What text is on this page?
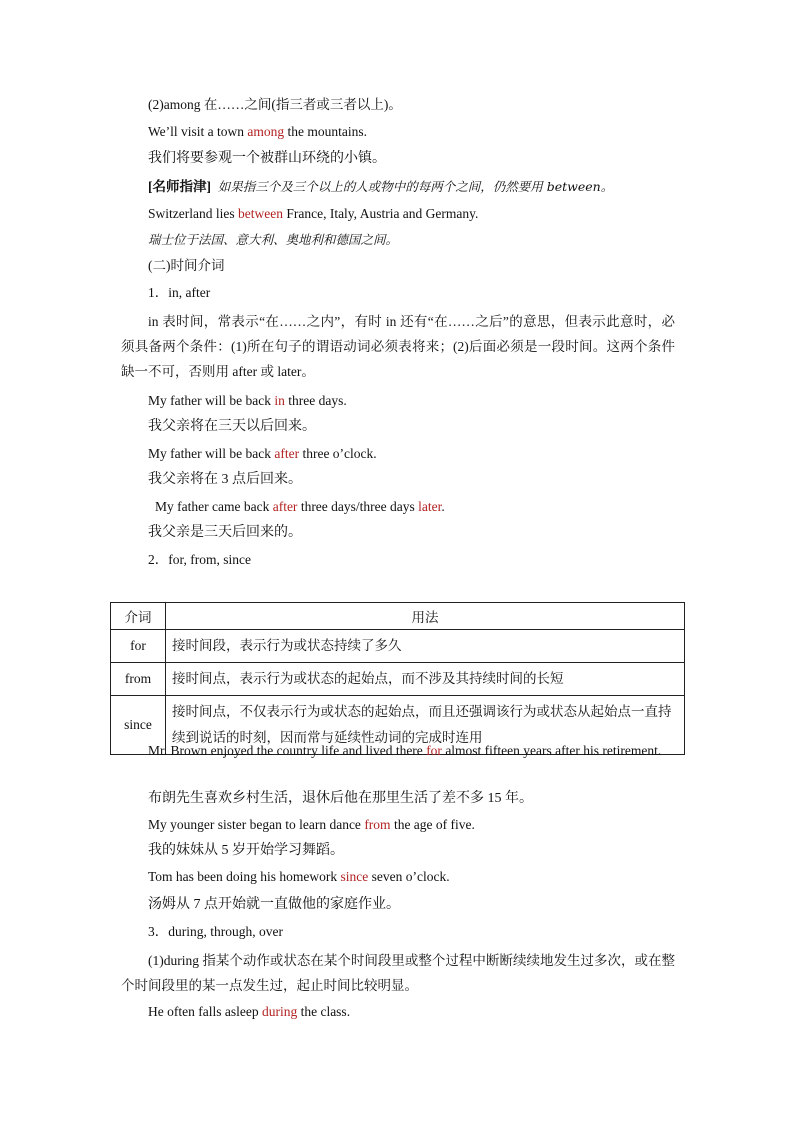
(2)among 在……之间(指三者或三者以上)。
We’ll visit a town among the mountains.
我们将要参观一个被群山环绕的小镇。
[名师指津] 如果指三个及三个以上的人或物中的每两个之间，仍然要用 between。
Switzerland lies between France, Italy, Austria and Germany.
瑞士位于法国、意大利、奥地利和德国之间。
(二)时间介词
1．in, after
in 表时间，常表示“在……之内”，有时 in 还有“在……之后”的意思，但表示此意时，必须具备两个条件：(1)所在句子的谓语动词必须表将来；(2)后面必须是一段时间。这两个条件缺一不可，否则用 after 或 later。
My father will be back in three days.
我父亲将在三天以后回来。
My father will be back after three o’clock.
我父亲将在 3 点后回来。
My father came back after three days/three days later.
我父亲是三天后回来的。
2．for, from, since
介词	用法
for	接时间段，表示行为或状态持续了多久
from	接时间点，表示行为或状态的起始点，而不涉及其持续时间的长短
since	接时间点，不仅表示行为或状态的起始点，而且还强调该行为或状态从起始点一直持续到说话的时刻，因而常与延续性动词的完成时连用
Mr. Brown enjoyed the country life and lived there for almost fifteen years after his retirement.
布朗先生喜欢乡村生活，退休后他在那里生活了差不多 15 年。
My younger sister began to learn dance from the age of five.
我的妹妹从 5 岁开始学习舞蹈。
Tom has been doing his homework since seven o’clock.
汤姆从 7 点开始就一直做他的家庭作业。
3．during, through, over
(1)during 指某个动作或状态在某个时间段里或整个过程中断断续续地发生过多次，或在整个时间段里的某一点发生过，起止时间比较明显。
He often falls asleep during the class.
